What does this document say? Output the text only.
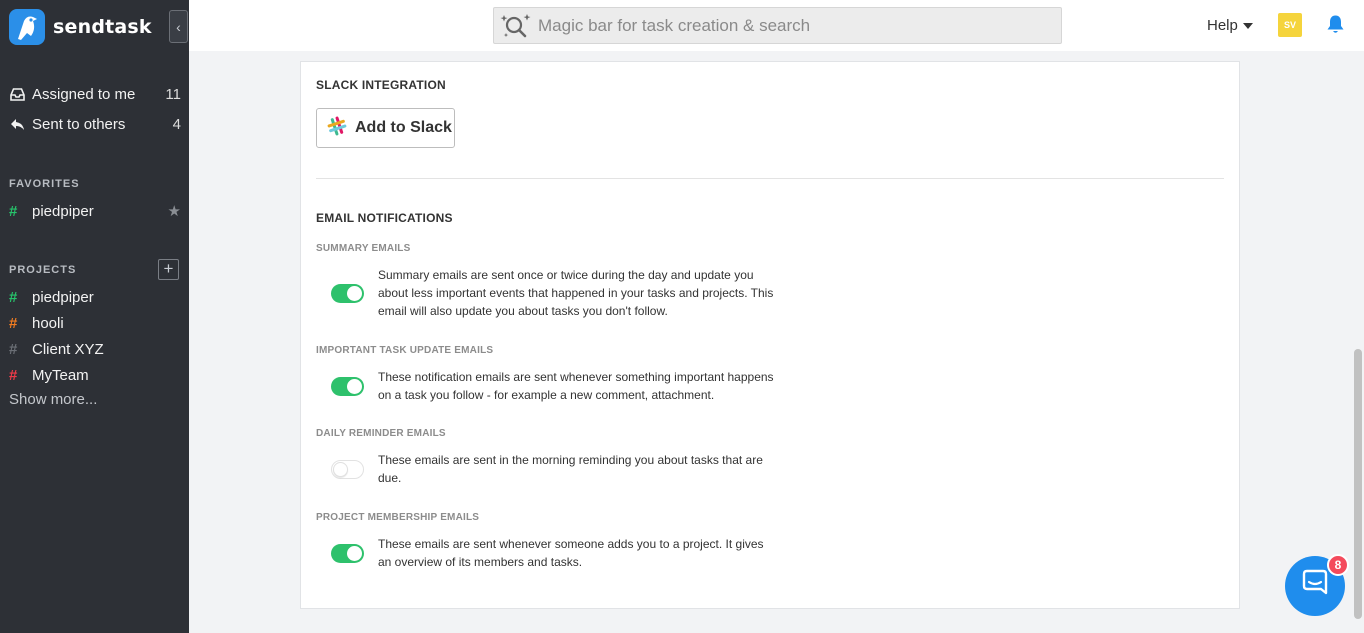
sendtask ‹
Assigned to me 11
Sent to others	4
FAVORITES
# piedpiper	★
PROJECTS	+
# piedpiper
# hooli
# Client XYZ
# MyTeam
Show more...
Magic bar for task creation & search
Help	SV
SLACK INTEGRATION
Add to Slack
EMAIL NOTIFICATIONS
SUMMARY EMAILS
Summary emails are sent once or twice during the day and update you about less important events that happened in your tasks and projects. This email will also update you about tasks you don't follow.
IMPORTANT TASK UPDATE EMAILS
These notification emails are sent whenever something important happens on a task you follow - for example a new comment, attachment.
DAILY REMINDER EMAILS
These emails are sent in the morning reminding you about tasks that are due.
PROJECT MEMBERSHIP EMAILS
These emails are sent whenever someone adds you to a project. It gives an overview of its members and tasks.	8
